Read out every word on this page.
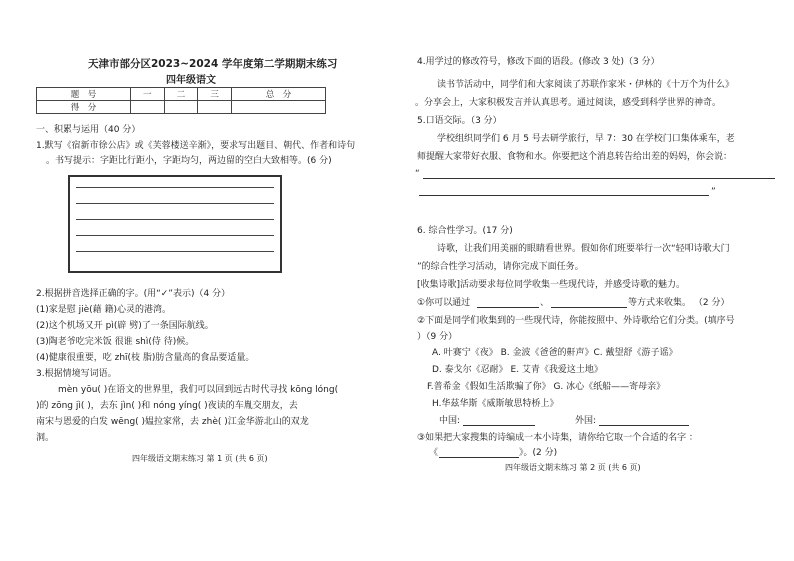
天津市部分区2023~2024 学年度第二学期期末练习
四年级语文
题　号	一	二	三	总　分
得　分				
一、积累与运用（40 分）
1.默写《宿新市徐公店》或《芙蓉楼送辛渐》，要求写出题目、朝代、作者和诗句
。书写提示：字距比行距小，字距均匀，两边留的空白大致相等。(6 分)
2.根据拼音选择正确的字。(用“✓”表示)（4 分）
(1)家是慰 jiè(藉 籍)心灵的港湾。
(2)这个机场又开 pì(辟 劈)了一条国际航线。
(3)陶老爷吃完米饭 很谁 shì(侍 待)候。
(4)健康很重要，吃 zhī(枝 脂)肪含量高的食品要适量。
3.根据情境写词语。
mèn yōu( )在语文的世界里，我们可以回到远古时代寻找 kōng lóng(
)的 zōng jì( )，去东 jìn( )和 nóng yíng( )夜读的车胤交朋友，去
南宋与恩爱的白发 wēng( )媪拉家常，去 zhè( )江金华游北山的双龙
洞。
四年级语文期末练习 第 1 页 (共 6 页)
4.用学过的修改符号，修改下面的语段。(修改 3 处)（3 分）
读书节活动中，同学们和大家阅读了苏联作家米・伊林的《十万个为什么》
。分享会上，大家积极发言并认真思考。通过阅读，感受到科学世界的神奇。
5.口语交际。（3 分）
学校组织同学们 6 月 5 号去研学旅行，早 7：30 在学校门口集体乘车，老
师提醒大家带好衣服、食物和水。你要把这个消息转告给出差的妈妈，你会说：
“
”
6. 综合性学习。(17 分)
诗歌，让我们用美丽的眼睛看世界。假如你们班要举行一次“轻叩诗歌大门
”的综合性学习活动，请你完成下面任务。
[收集诗歌]活动要求每位同学收集一些现代诗，并感受诗歌的魅力。
①你可以通过	、	等方式来收集。 （2 分）
②下面是同学们收集到的一些现代诗，你能按照中、外诗歌给它们分类。(填序号
）（9 分）
A. 叶赛宁《夜》 B. 金波《爸爸的鼾声》C. 戴望舒《游子谣》
D. 泰戈尔《忍耐》 E. 艾青《我爱这土地》
F.普希金《假如生活欺骗了你》 G. 冰心《纸船——寄母亲》
H.华兹华斯《威斯敏思特桥上》
中国:	外国:
③如果把大家搜集的诗编成一本小诗集，请你给它取一个合适的名字 ：
《	》。(2 分)
四年级语文期末练习 第 2 页 (共 6 页)
